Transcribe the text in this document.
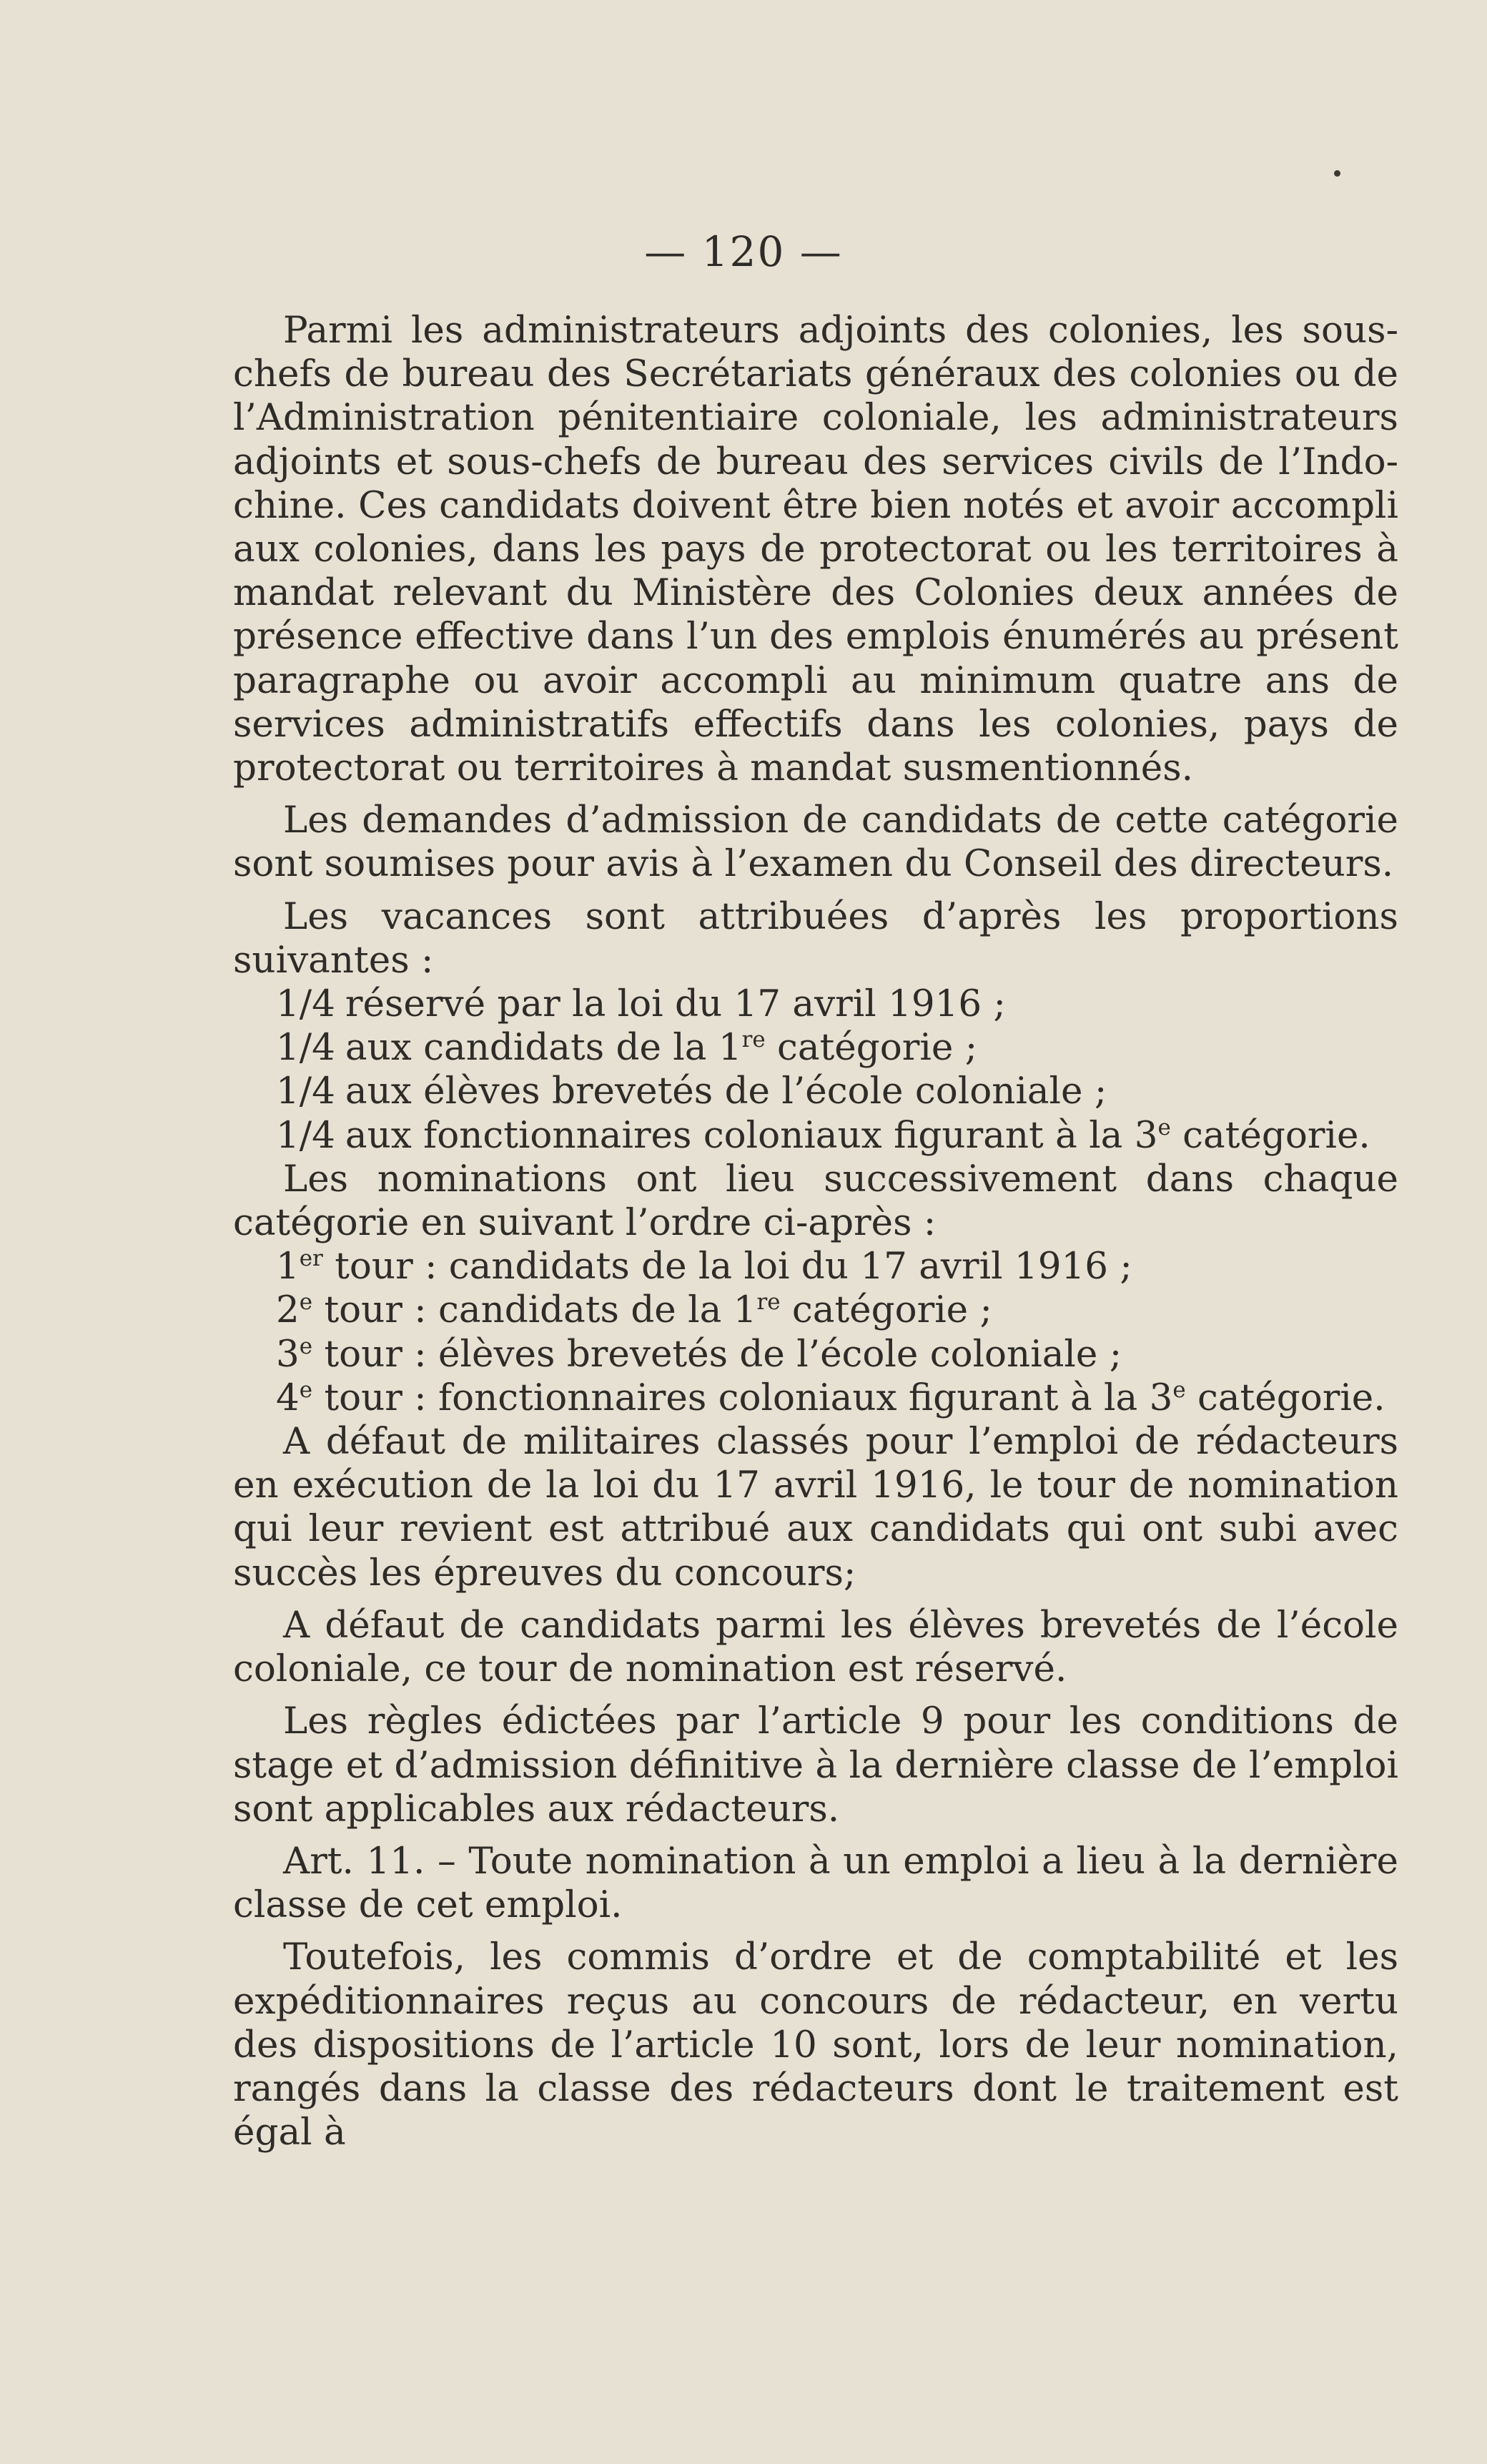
— 120 —

Parmi les administrateurs adjoints des colonies, les sous-chefs de bureau des Secrétariats généraux des colonies ou de l’Administration pénitentiaire coloniale, les administrateurs adjoints et sous-chefs de bureau des services civils de l’Indo-chine. Ces candidats doivent être bien notés et avoir accompli aux colonies, dans les pays de protectorat ou les territoires à mandat relevant du Ministère des Colonies deux années de présence effective dans l’un des emplois énumérés au présent paragraphe ou avoir accompli au minimum quatre ans de services administratifs effectifs dans les colonies, pays de protectorat ou territoires à mandat susmentionnés.

Les demandes d’admission de candidats de cette catégorie sont soumises pour avis à l’examen du Conseil des directeurs.

Les vacances sont attribuées d’après les proportions suivantes :

1/4 réservé par la loi du 17 avril 1916 ;

1/4 aux candidats de la 1re catégorie ;

1/4 aux élèves brevetés de l’école coloniale ;

1/4 aux fonctionnaires coloniaux figurant à la 3e catégorie.

Les nominations ont lieu successivement dans chaque catégorie en suivant l’ordre ci-après :

1er tour : candidats de la loi du 17 avril 1916 ;

2e tour : candidats de la 1re catégorie ;

3e tour : élèves brevetés de l’école coloniale ;

4e tour : fonctionnaires coloniaux figurant à la 3e catégorie.

A défaut de militaires classés pour l’emploi de rédacteurs en exécution de la loi du 17 avril 1916, le tour de nomination qui leur revient est attribué aux candidats qui ont subi avec succès les épreuves du concours;

A défaut de candidats parmi les élèves brevetés de l’école coloniale, ce tour de nomination est réservé.

Les règles édictées par l’article 9 pour les conditions de stage et d’admission définitive à la dernière classe de l’emploi sont applicables aux rédacteurs.

Art. 11. – Toute nomination à un emploi a lieu à la dernière classe de cet emploi.

Toutefois, les commis d’ordre et de comptabilité et les expéditionnaires reçus au concours de rédacteur, en vertu des dispositions de l’article 10 sont, lors de leur nomination, rangés dans la classe des rédacteurs dont le traitement est égal à
